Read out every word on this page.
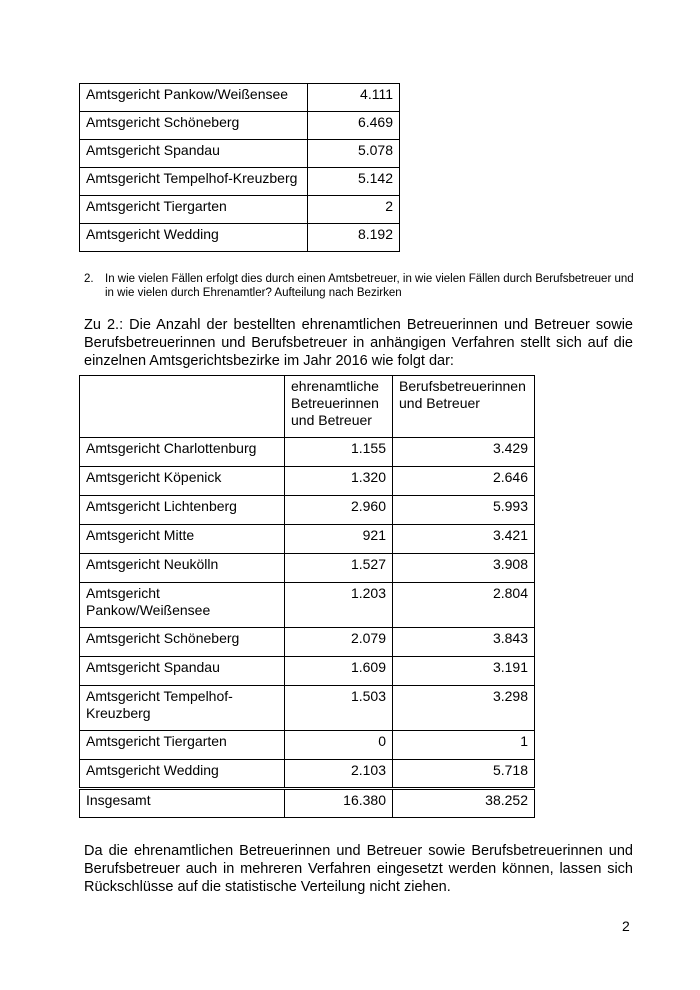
Amtsgericht Pankow/Weißensee	4.111
Amtsgericht Schöneberg	6.469
Amtsgericht Spandau	5.078
Amtsgericht Tempelhof-Kreuzberg	5.142
Amtsgericht Tiergarten	2
Amtsgericht Wedding	8.192
2. In wie vielen Fällen erfolgt dies durch einen Amtsbetreuer, in wie vielen Fällen durch Berufsbetreuer und in wie vielen durch Ehrenamtler? Aufteilung nach Bezirken
Zu 2.: Die Anzahl der bestellten ehrenamtlichen Betreuerinnen und Betreuer sowie Berufsbetreuerinnen und Berufsbetreuer in anhängigen Verfahren stellt sich auf die einzelnen Amtsgerichtsbezirke im Jahr 2016 wie folgt dar:
	ehrenamtliche Betreuerinnen und Betreuer	Berufsbetreuerinnen und Betreuer
Amtsgericht Charlottenburg	1.155	3.429
Amtsgericht Köpenick	1.320	2.646
Amtsgericht Lichtenberg	2.960	5.993
Amtsgericht Mitte	921	3.421
Amtsgericht Neukölln	1.527	3.908
Amtsgericht Pankow/Weißensee	1.203	2.804
Amtsgericht Schöneberg	2.079	3.843
Amtsgericht Spandau	1.609	3.191
Amtsgericht Tempelhof-Kreuzberg	1.503	3.298
Amtsgericht Tiergarten	0	1
Amtsgericht Wedding	2.103	5.718
Insgesamt	16.380	38.252
Da die ehrenamtlichen Betreuerinnen und Betreuer sowie Berufsbetreuerinnen und Berufsbetreuer auch in mehreren Verfahren eingesetzt werden können, lassen sich Rückschlüsse auf die statistische Verteilung nicht ziehen.
2
